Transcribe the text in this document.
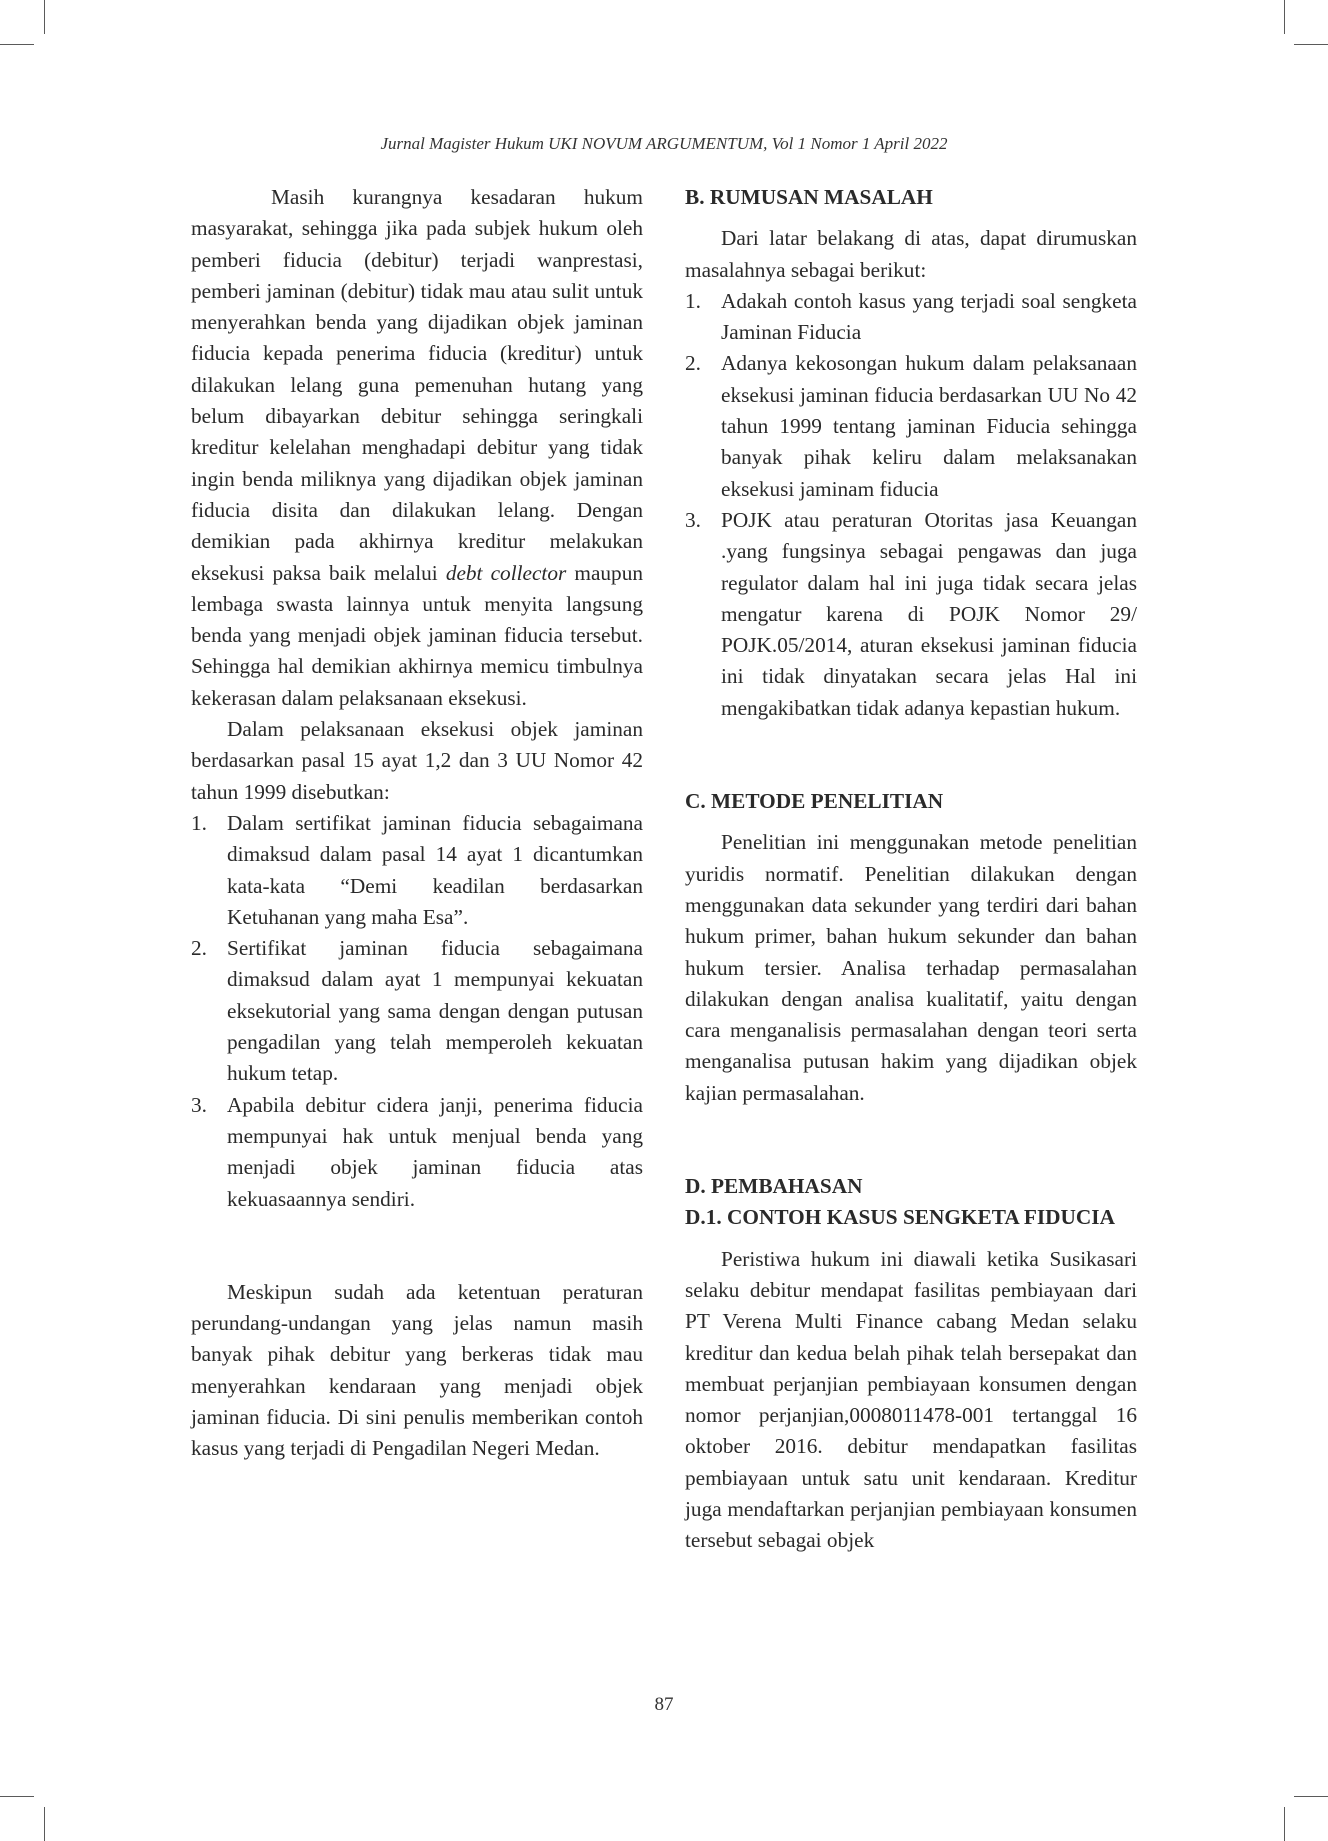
Jurnal Magister Hukum UKI NOVUM ARGUMENTUM, Vol 1 Nomor 1 April 2022

Masih kurangnya kesadaran hukum masyarakat, sehingga jika pada subjek hukum oleh pemberi fiducia (debitur) terjadi wanprestasi, pemberi jaminan (debitur) tidak mau atau sulit untuk menyerahkan benda yang dijadikan objek jaminan fiducia kepada penerima fiducia (kreditur) untuk dilakukan lelang guna pemenuhan hutang yang belum dibayarkan debitur sehingga seringkali kreditur kelelahan menghadapi debitur yang tidak ingin benda miliknya yang dijadikan objek jaminan fiducia disita dan dilakukan lelang. Dengan demikian pada akhirnya kreditur melakukan eksekusi paksa baik melalui debt collector maupun lembaga swasta lainnya untuk menyita langsung benda yang menjadi objek jaminan fiducia tersebut. Sehingga hal demikian akhirnya memicu timbulnya kekerasan dalam pelaksanaan eksekusi.

Dalam pelaksanaan eksekusi objek jaminan berdasarkan pasal 15 ayat 1,2 dan 3 UU Nomor 42 tahun 1999 disebutkan:

1. Dalam sertifikat jaminan fiducia sebagaimana dimaksud dalam pasal 14 ayat 1 dicantumkan kata-kata “Demi keadilan berdasarkan Ketuhanan yang maha Esa”.
2. Sertifikat jaminan fiducia sebagaimana dimaksud dalam ayat 1 mempunyai kekuatan eksekutorial yang sama dengan dengan putusan pengadilan yang telah memperoleh kekuatan hukum tetap.
3. Apabila debitur cidera janji, penerima fiducia mempunyai hak untuk menjual benda yang menjadi objek jaminan fiducia atas kekuasaannya sendiri.

Meskipun sudah ada ketentuan peraturan perundang-undangan yang jelas namun masih banyak pihak debitur yang berkeras tidak mau menyerahkan kendaraan yang menjadi objek jaminan fiducia. Di sini penulis memberikan contoh kasus yang terjadi di Pengadilan Negeri Medan.

B. RUMUSAN MASALAH

Dari latar belakang di atas, dapat dirumuskan masalahnya sebagai berikut:

1. Adakah contoh kasus yang terjadi soal sengketa Jaminan Fiducia
2. Adanya kekosongan hukum dalam pelaksanaan eksekusi jaminan fiducia berdasarkan UU No 42 tahun 1999 tentang jaminan Fiducia sehingga banyak pihak keliru dalam melaksanakan eksekusi jaminam fiducia
3. POJK atau peraturan Otoritas jasa Keuangan .yang fungsinya sebagai pengawas dan juga regulator dalam hal ini juga tidak secara jelas mengatur karena di POJK Nomor 29/ POJK.05/2014, aturan eksekusi jaminan fiducia ini tidak dinyatakan secara jelas Hal ini mengakibatkan tidak adanya kepastian hukum.

C. METODE PENELITIAN

Penelitian ini menggunakan metode penelitian yuridis normatif. Penelitian dilakukan dengan menggunakan data sekunder yang terdiri dari bahan hukum primer, bahan hukum sekunder dan bahan hukum tersier. Analisa terhadap permasalahan dilakukan dengan analisa kualitatif, yaitu dengan cara menganalisis permasalahan dengan teori serta menganalisa putusan hakim yang dijadikan objek kajian permasalahan.

D. PEMBAHASAN

D.1. CONTOH KASUS SENGKETA FIDUCIA

Peristiwa hukum ini diawali ketika Susikasari selaku debitur mendapat fasilitas pembiayaan dari PT Verena Multi Finance cabang Medan selaku kreditur dan kedua belah pihak telah bersepakat dan membuat perjanjian pembiayaan konsumen dengan nomor perjanjian,0008011478-001 tertanggal 16 oktober 2016. debitur mendapatkan fasilitas pembiayaan untuk satu unit kendaraan. Kreditur juga mendaftarkan perjanjian pembiayaan konsumen tersebut sebagai objek

87
